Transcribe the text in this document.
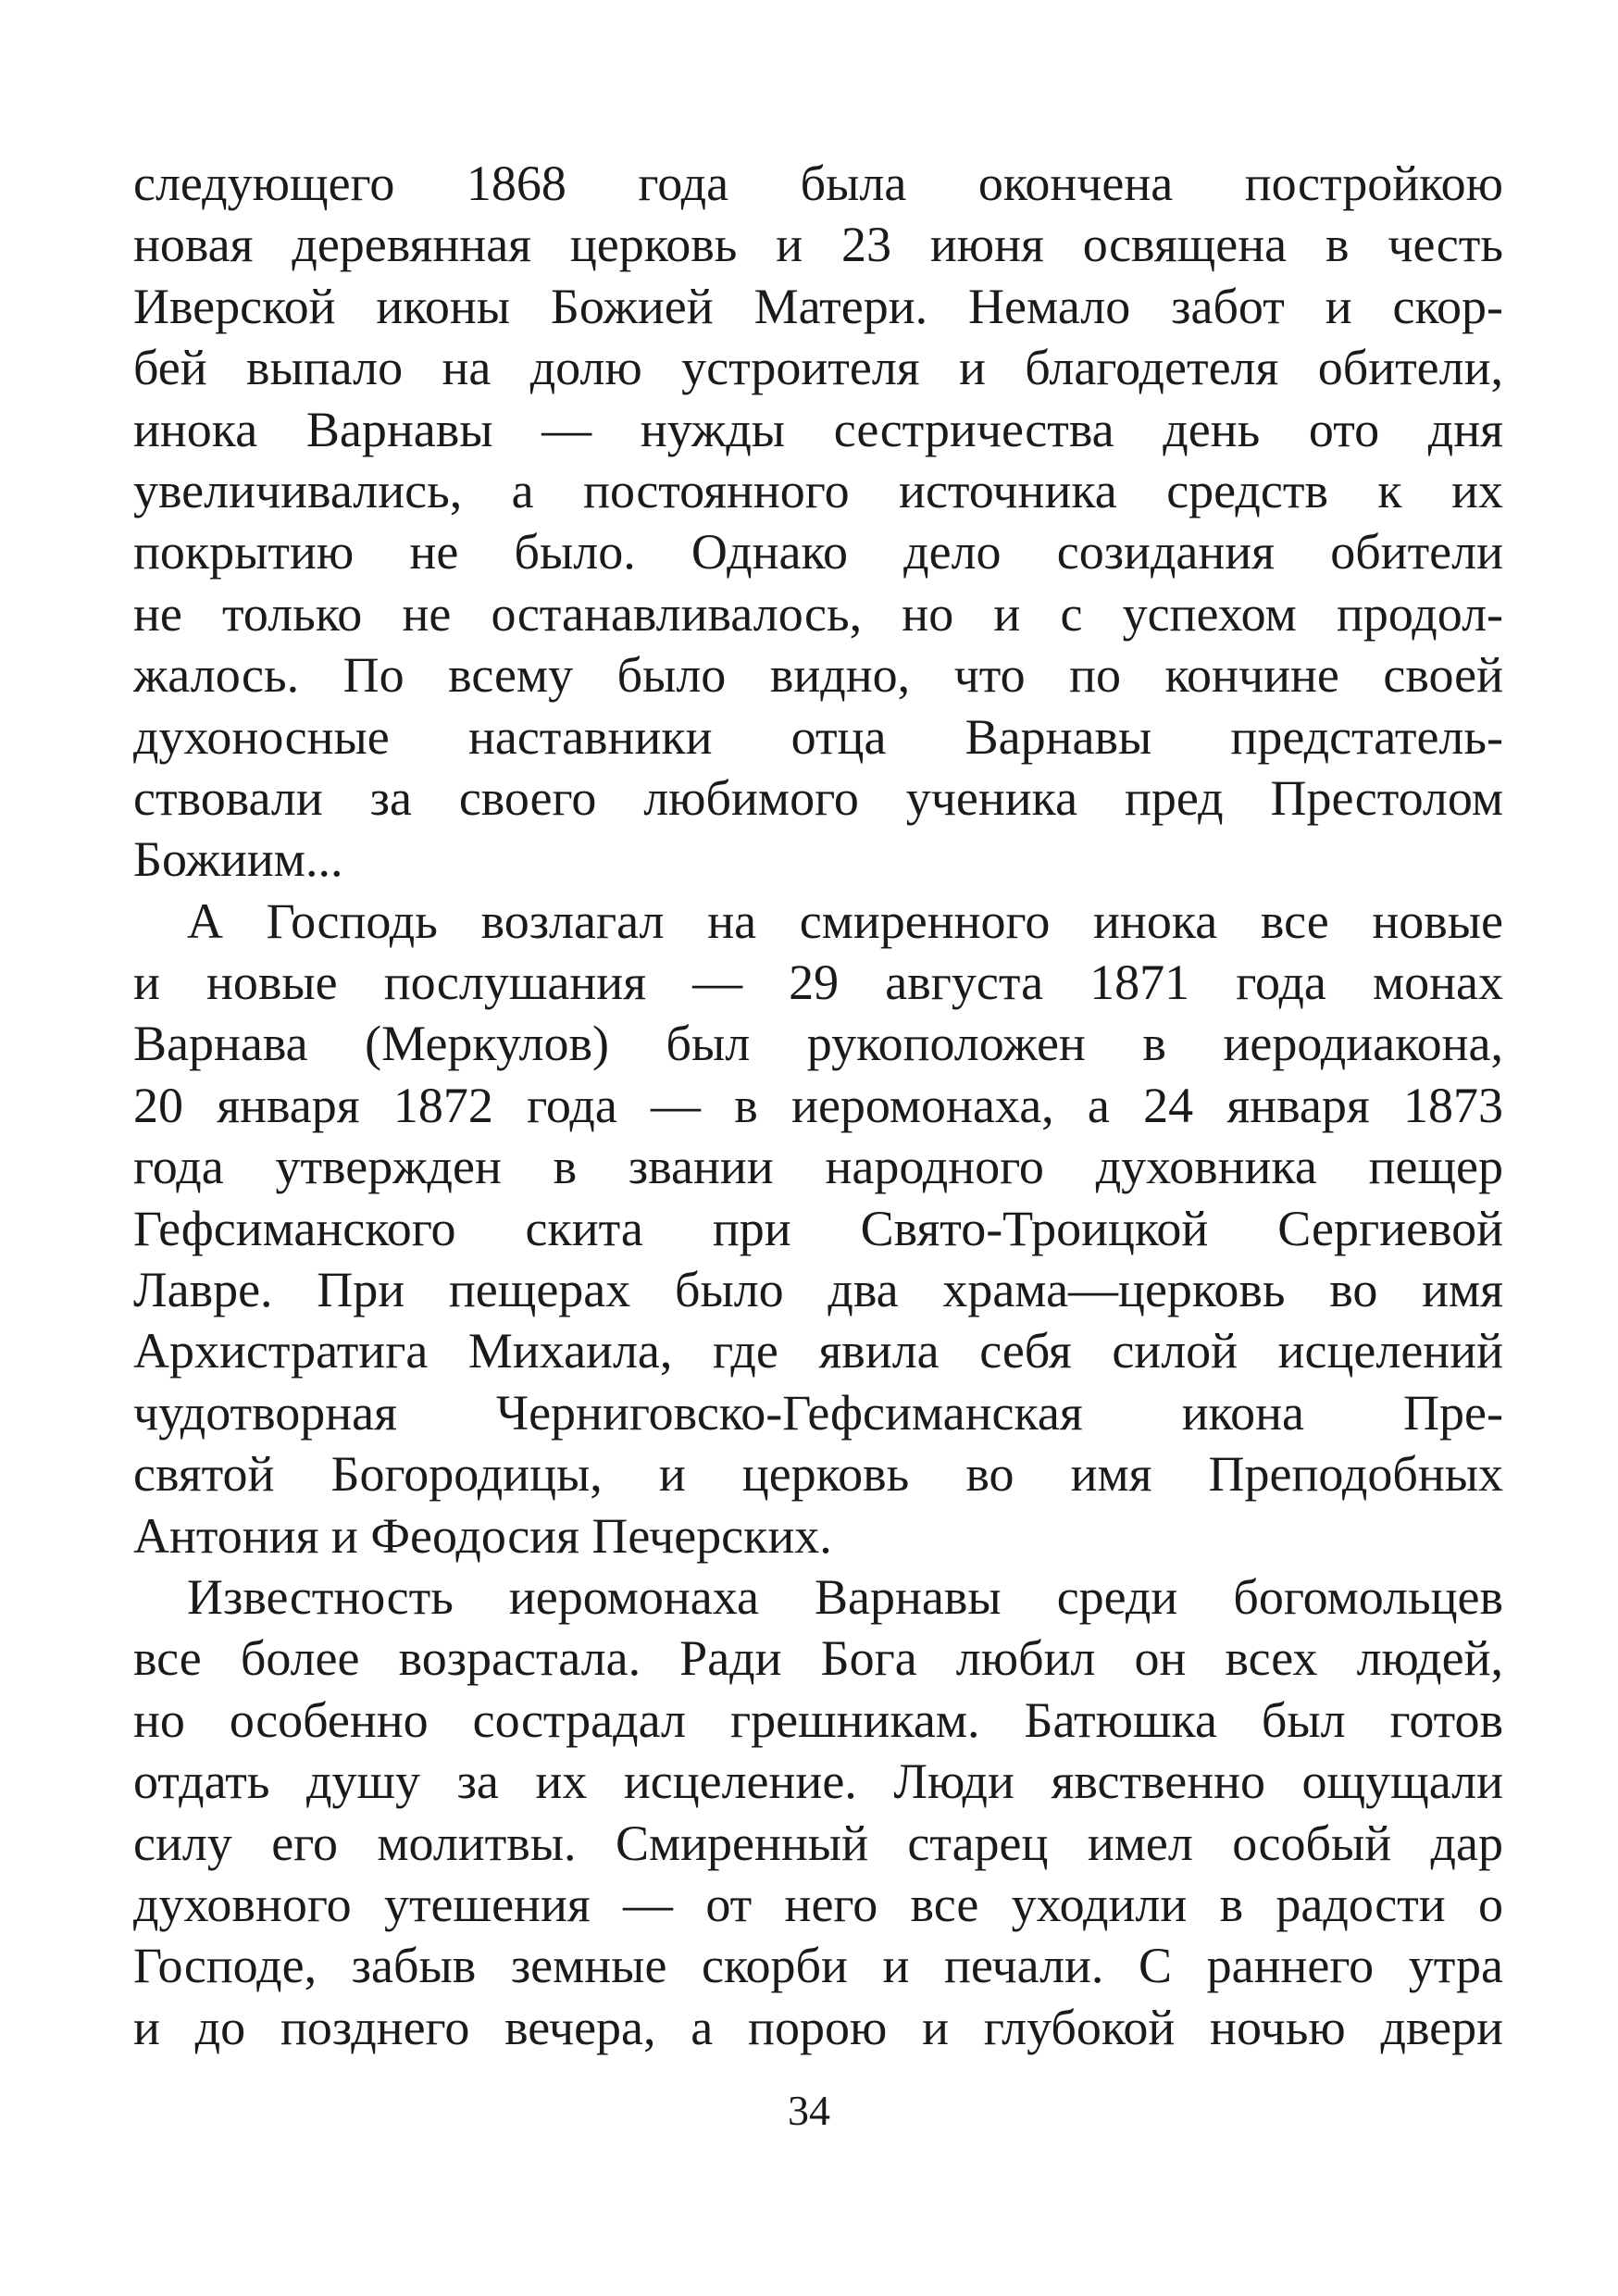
следующего 1868 года была окончена постройкою
новая деревянная церковь и 23 июня освящена в честь
Иверской иконы Божией Матери. Немало забот и скор-
бей выпало на долю устроителя и благодетеля обители,
инока Варнавы — нужды сестричества день ото дня
увеличивались, а постоянного источника средств к их
покрытию не было. Однако дело созидания обители
не только не останавливалось, но и с успехом продол-
жалось. По всему было видно, что по кончине своей
духоносные наставники отца Варнавы предстатель-
ствовали за своего любимого ученика пред Престолом
Божиим...
А Господь возлагал на смиренного инока все новые
и новые послушания — 29 августа 1871 года монах
Варнава (Меркулов) был рукоположен в иеродиакона,
20 января 1872 года — в иеромонаха, а 24 января 1873
года утвержден в звании народного духовника пещер
Гефсиманского скита при Свято-Троицкой Сергиевой
Лавре. При пещерах было два храма—церковь во имя
Архистратига Михаила, где явила себя силой исцелений
чудотворная Черниговско-Гефсиманская икона Пре-
святой Богородицы, и церковь во имя Преподобных
Антония и Феодосия Печерских.
Известность иеромонаха Варнавы среди богомольцев
все более возрастала. Ради Бога любил он всех людей,
но особенно сострадал грешникам. Батюшка был готов
отдать душу за их исцеление. Люди явственно ощущали
силу его молитвы. Смиренный старец имел особый дар
духовного утешения — от него все уходили в радости о
Господе, забыв земные скорби и печали. С раннего утра
и до позднего вечера, а порою и глубокой ночью двери
34
